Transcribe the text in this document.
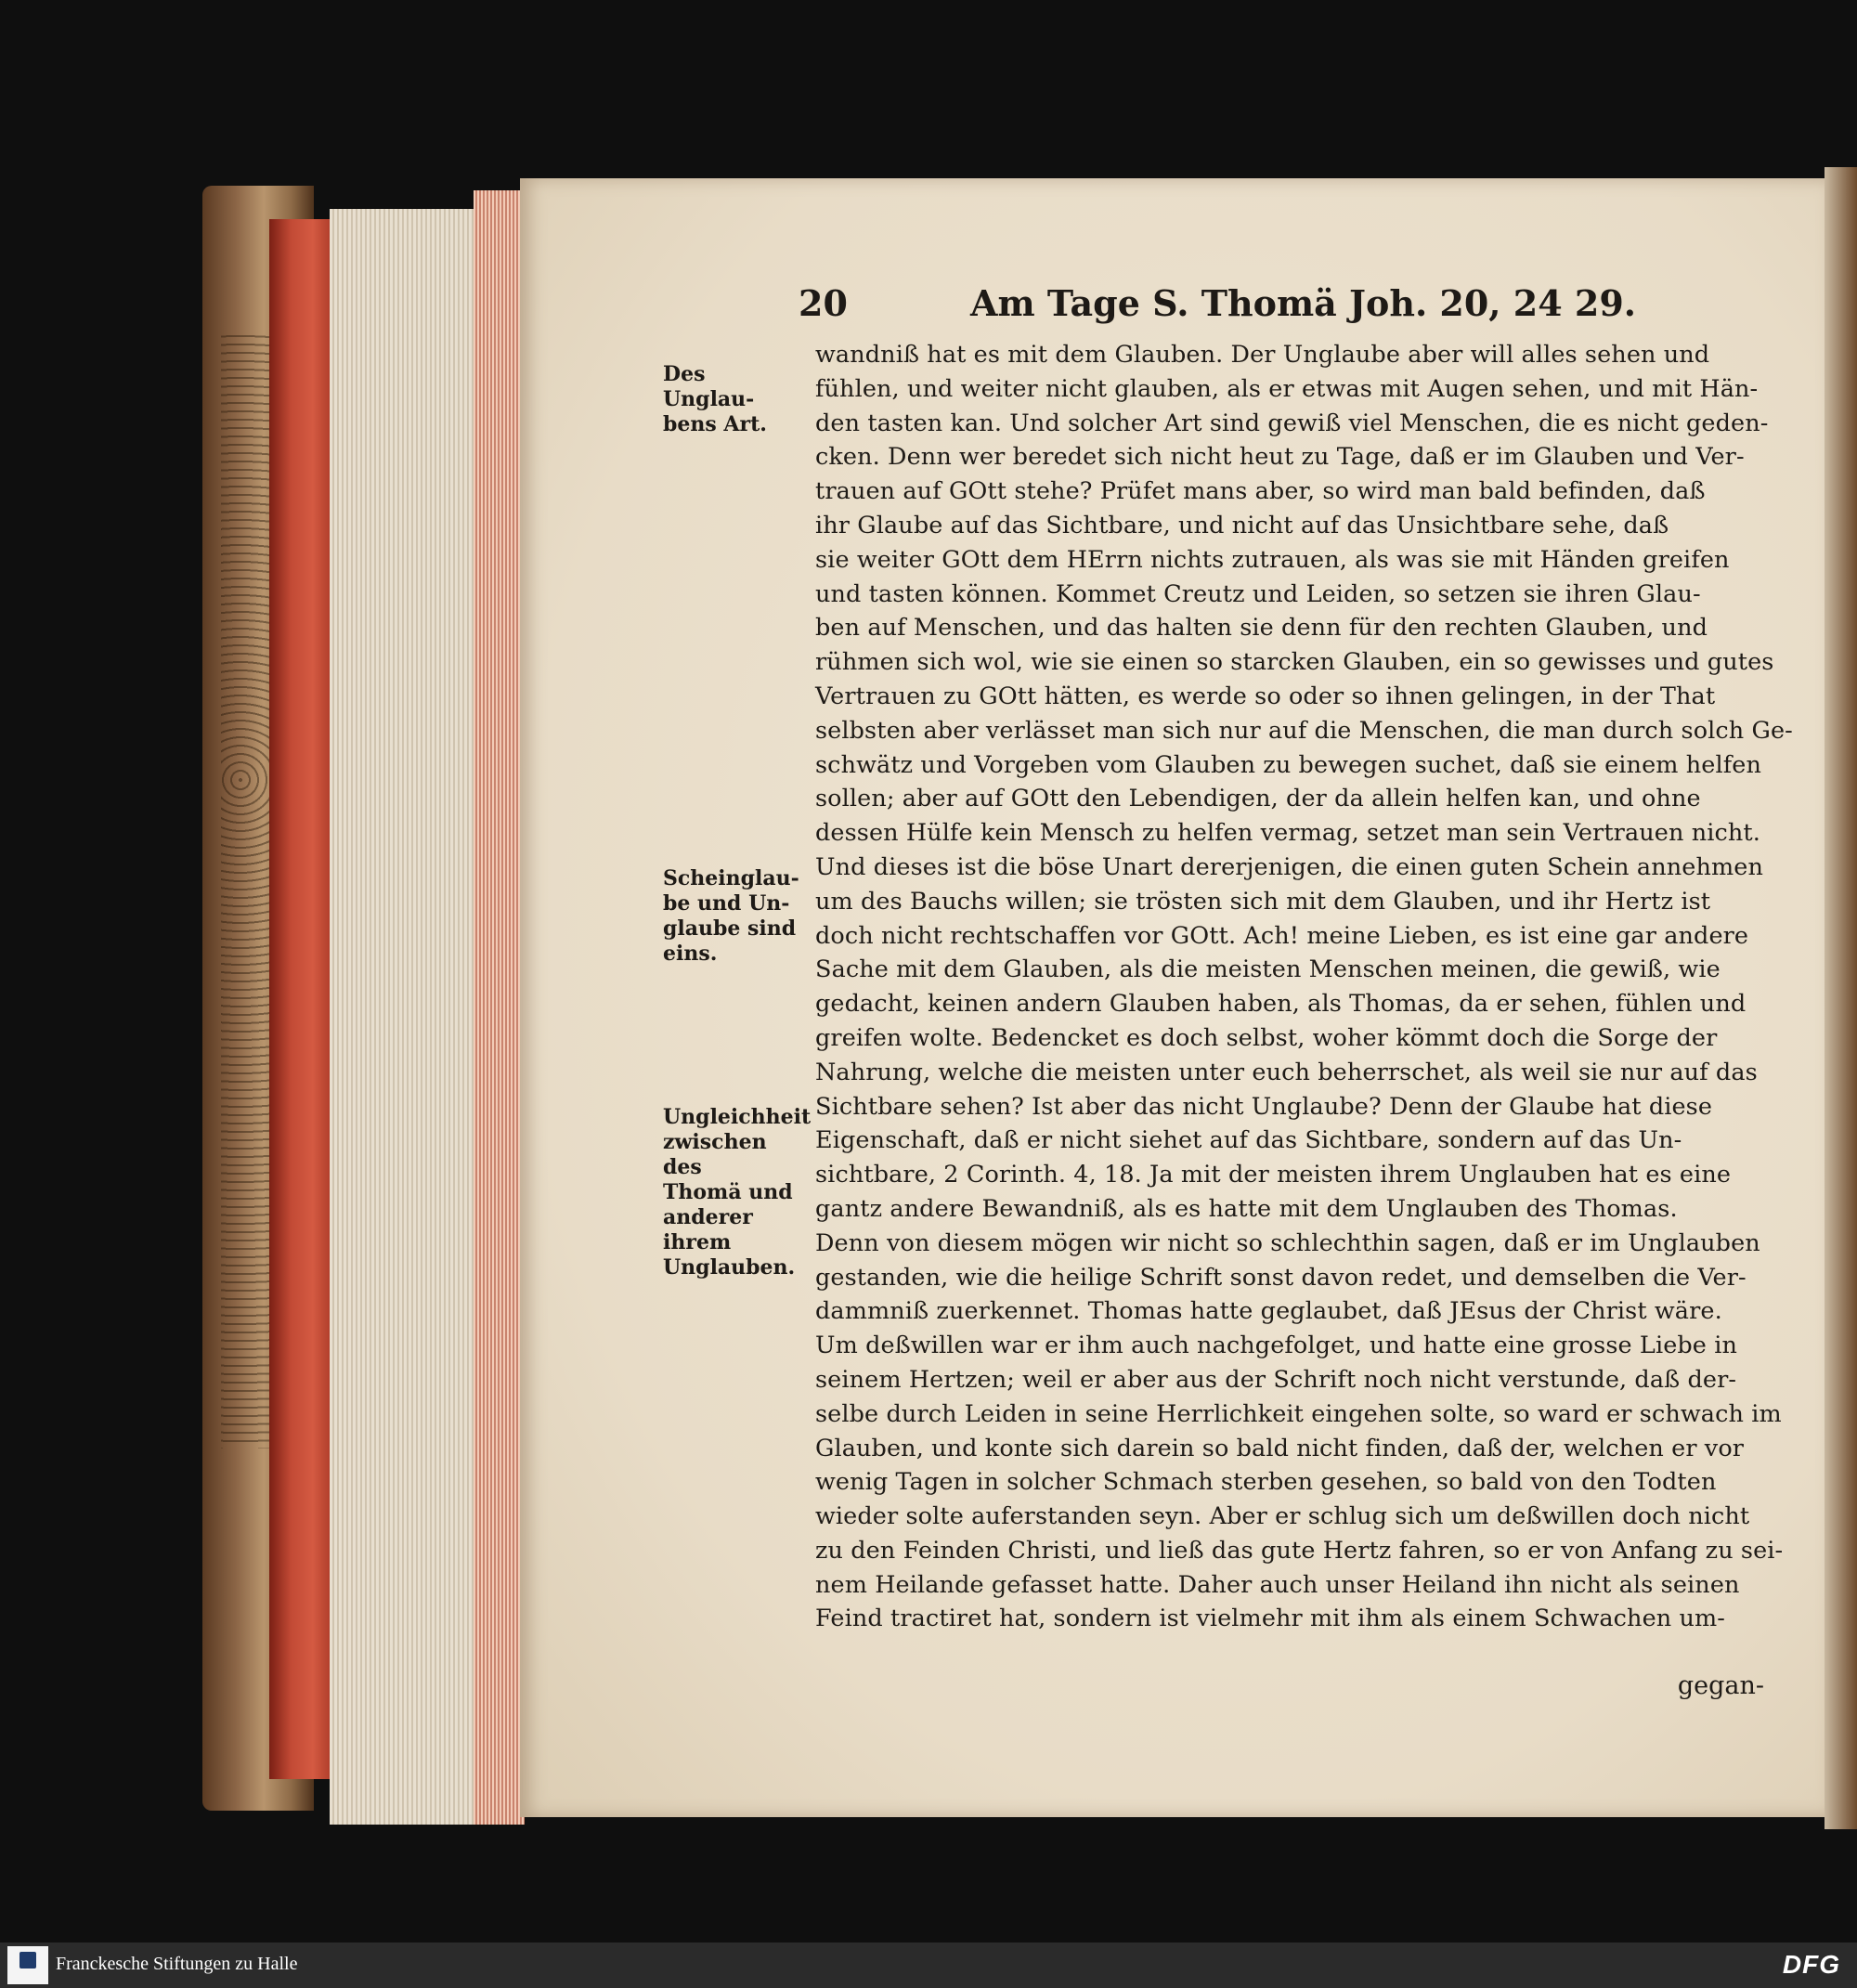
20	Am Tage S. Thomä Joh. 20, 24 29.
Des Unglau-
bens Art.
Scheinglau-
be und Un-
glaube sind
eins.
Ungleichheit
zwischen des
Thomä und
anderer ihrem
Unglauben.
wandniß hat es mit dem Glauben. Der Unglaube aber will alles sehen und
fühlen, und weiter nicht glauben, als er etwas mit Augen sehen, und mit Hän-
den tasten kan. Und solcher Art sind gewiß viel Menschen, die es nicht geden-
cken. Denn wer beredet sich nicht heut zu Tage, daß er im Glauben und Ver-
trauen auf GOtt stehe? Prüfet mans aber, so wird man bald befinden, daß
ihr Glaube auf das Sichtbare, und nicht auf das Unsichtbare sehe, daß
sie weiter GOtt dem HErrn nichts zutrauen, als was sie mit Händen greifen
und tasten können. Kommet Creutz und Leiden, so setzen sie ihren Glau-
ben auf Menschen, und das halten sie denn für den rechten Glauben, und
rühmen sich wol, wie sie einen so starcken Glauben, ein so gewisses und gutes
Vertrauen zu GOtt hätten, es werde so oder so ihnen gelingen, in der That
selbsten aber verlässet man sich nur auf die Menschen, die man durch solch Ge-
schwätz und Vorgeben vom Glauben zu bewegen suchet, daß sie einem helfen
sollen; aber auf GOtt den Lebendigen, der da allein helfen kan, und ohne
dessen Hülfe kein Mensch zu helfen vermag, setzet man sein Vertrauen nicht.
Und dieses ist die böse Unart dererjenigen, die einen guten Schein annehmen
um des Bauchs willen; sie trösten sich mit dem Glauben, und ihr Hertz ist
doch nicht rechtschaffen vor GOtt. Ach! meine Lieben, es ist eine gar andere
Sache mit dem Glauben, als die meisten Menschen meinen, die gewiß, wie
gedacht, keinen andern Glauben haben, als Thomas, da er sehen, fühlen und
greifen wolte. Bedencket es doch selbst, woher kömmt doch die Sorge der
Nahrung, welche die meisten unter euch beherrschet, als weil sie nur auf das
Sichtbare sehen? Ist aber das nicht Unglaube? Denn der Glaube hat diese
Eigenschaft, daß er nicht siehet auf das Sichtbare, sondern auf das Un-
sichtbare, 2 Corinth. 4, 18. Ja mit der meisten ihrem Unglauben hat es eine
gantz andere Bewandniß, als es hatte mit dem Unglauben des Thomas.
Denn von diesem mögen wir nicht so schlechthin sagen, daß er im Unglauben
gestanden, wie die heilige Schrift sonst davon redet, und demselben die Ver-
dammniß zuerkennet. Thomas hatte geglaubet, daß JEsus der Christ wäre.
Um deßwillen war er ihm auch nachgefolget, und hatte eine grosse Liebe in
seinem Hertzen; weil er aber aus der Schrift noch nicht verstunde, daß der-
selbe durch Leiden in seine Herrlichkeit eingehen solte, so ward er schwach im
Glauben, und konte sich darein so bald nicht finden, daß der, welchen er vor
wenig Tagen in solcher Schmach sterben gesehen, so bald von den Todten
wieder solte auferstanden seyn. Aber er schlug sich um deßwillen doch nicht
zu den Feinden Christi, und ließ das gute Hertz fahren, so er von Anfang zu sei-
nem Heilande gefasset hatte. Daher auch unser Heiland ihn nicht als seinen
Feind tractiret hat, sondern ist vielmehr mit ihm als einem Schwachen um-
gegan-
Franckesche Stiftungen zu Halle	DFG
